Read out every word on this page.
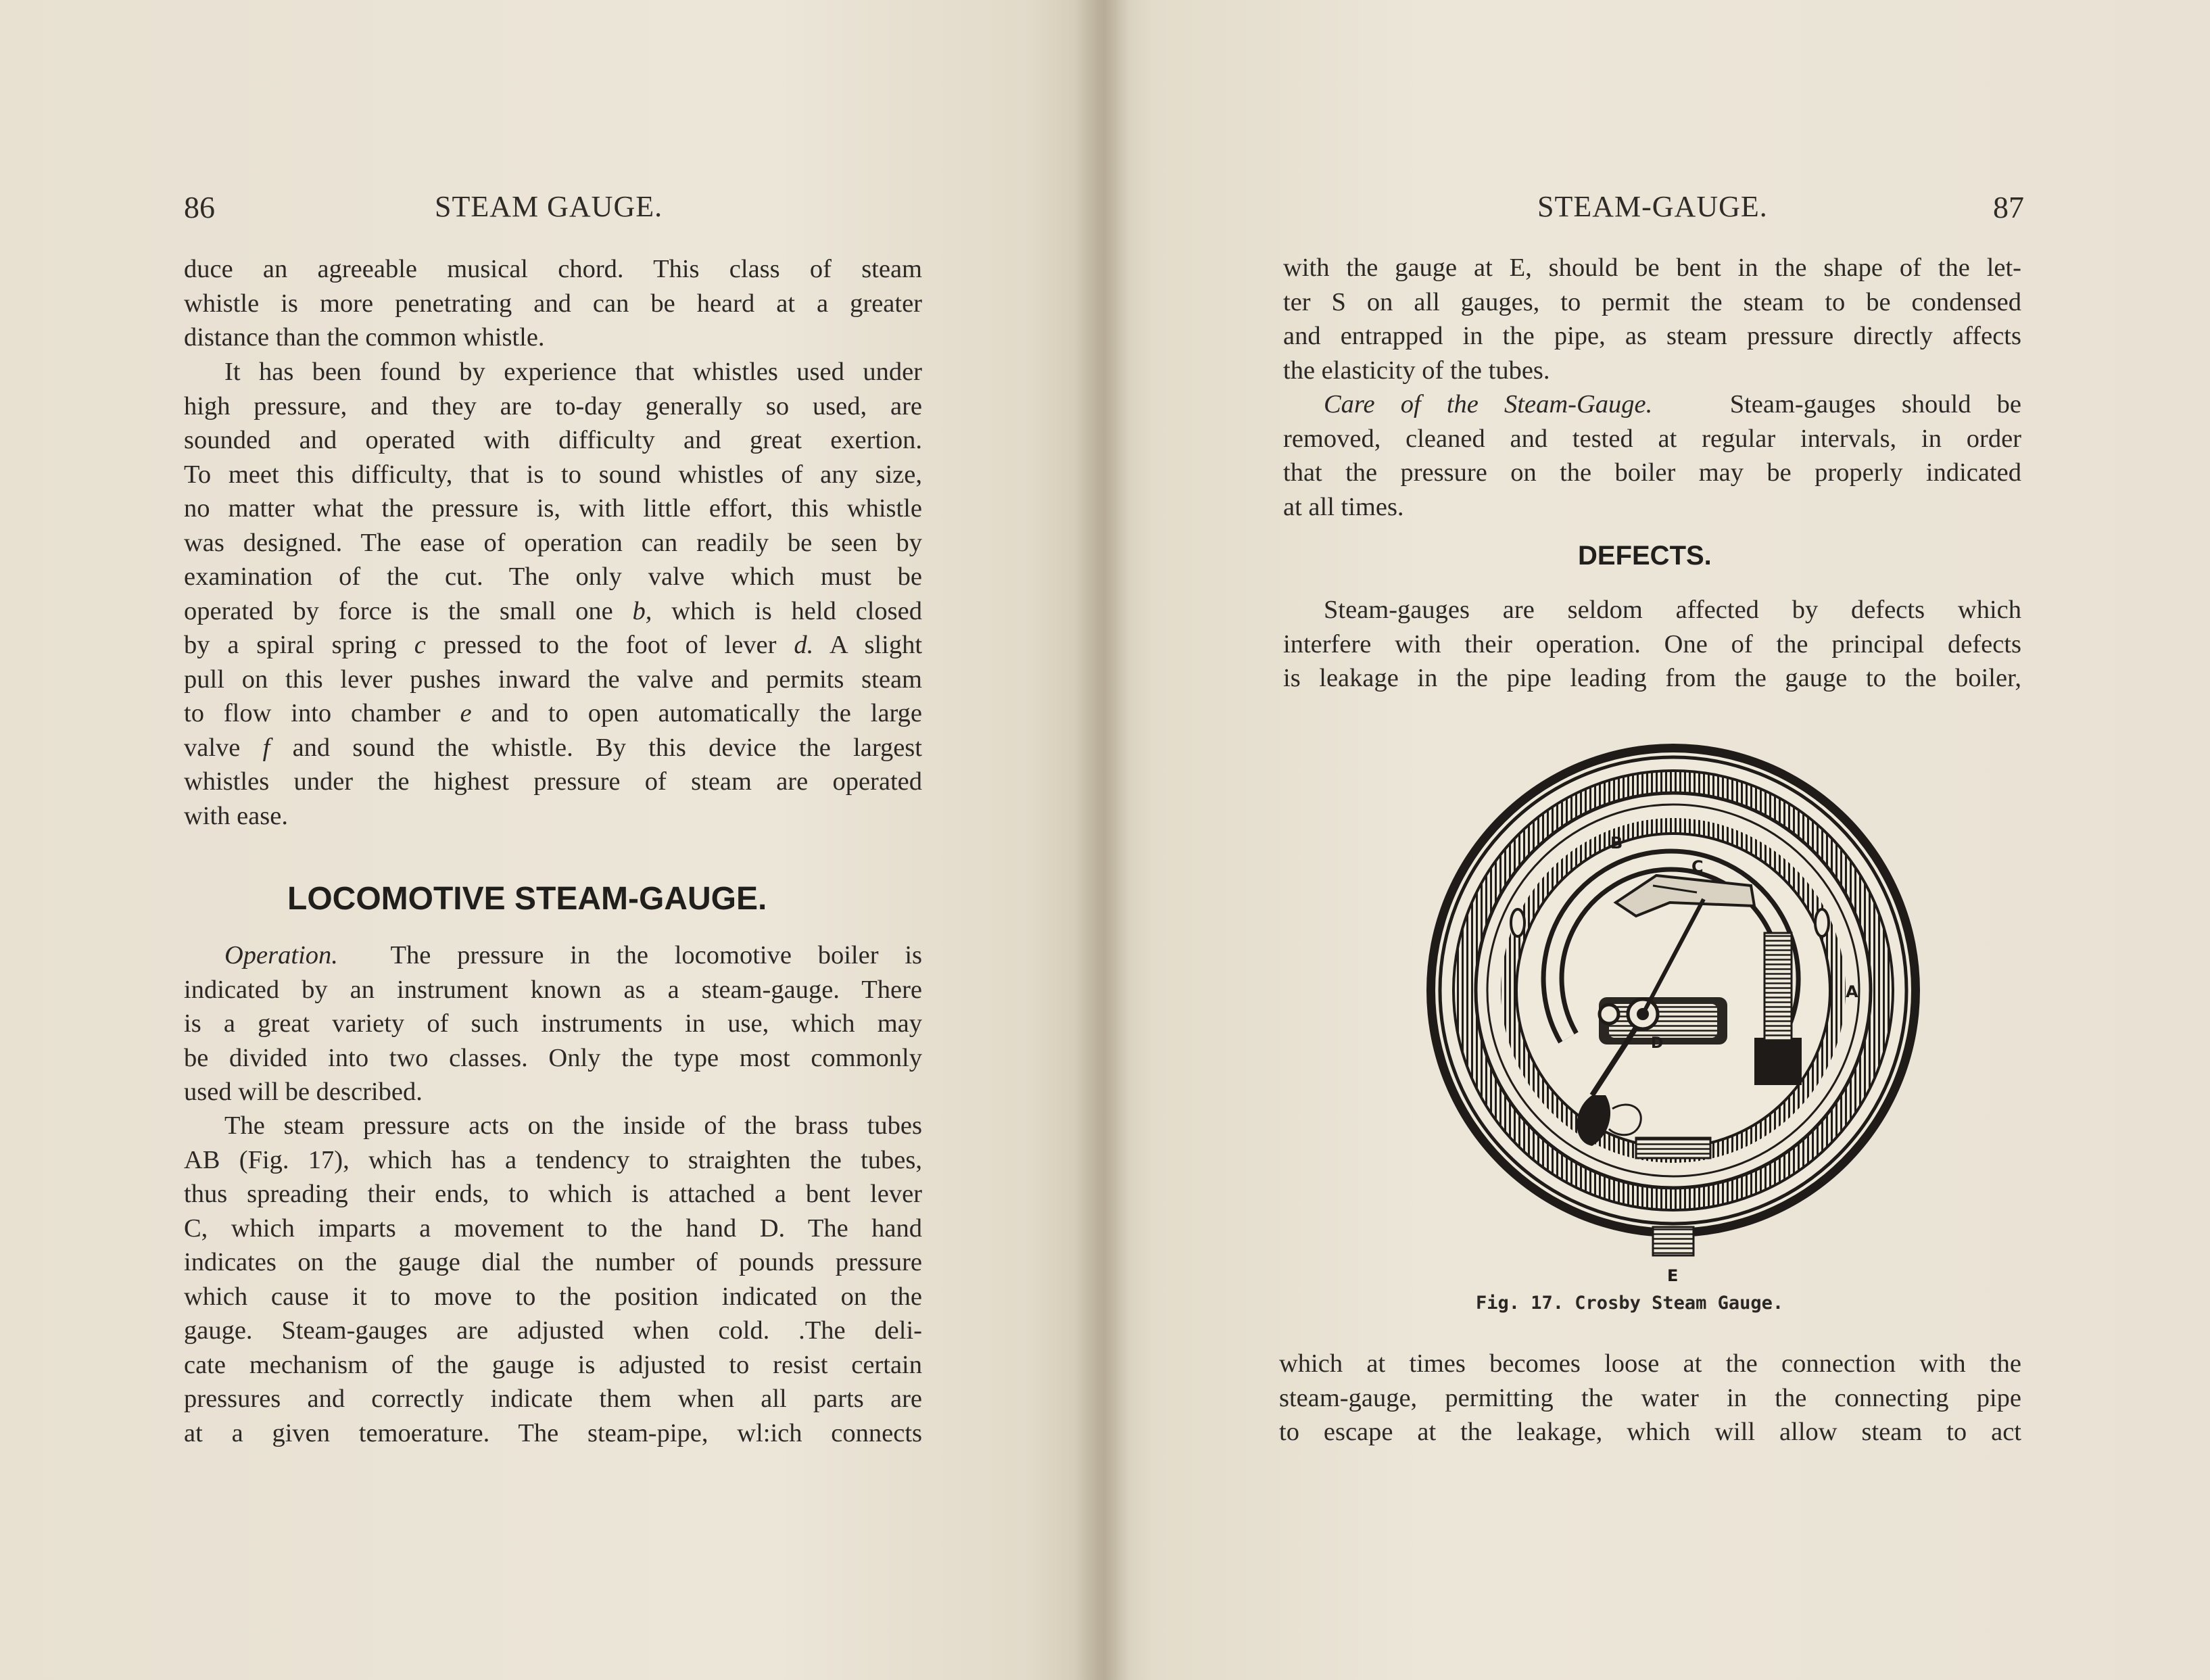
86	STEAM GAUGE.

duce an agreeable musical chord. This class of steam

whistle is more penetrating and can be heard at a greater

distance than the common whistle.

It has been found by experience that whistles used under

high pressure, and they are to-day generally so used, are

sounded and operated with difficulty and great exertion.

To meet this difficulty, that is to sound whistles of any size,

no matter what the pressure is, with little effort, this whistle

was designed. The ease of operation can readily be seen by

examination of the cut. The only valve which must be

operated by force is the small one b, which is held closed

by a spiral spring c pressed to the foot of lever d. A slight

pull on this lever pushes inward the valve and permits steam

to flow into chamber e and to open automatically the large

valve f and sound the whistle. By this device the largest

whistles under the highest pressure of steam are operated

with ease.

LOCOMOTIVE STEAM-GAUGE.

Operation. The pressure in the locomotive boiler is

indicated by an instrument known as a steam-gauge. There

is a great variety of such instruments in use, which may

be divided into two classes. Only the type most commonly

used will be described.

The steam pressure acts on the inside of the brass tubes

AB (Fig. 17), which has a tendency to straighten the tubes,

thus spreading their ends, to which is attached a bent lever

C, which imparts a movement to the hand D. The hand

indicates on the gauge dial the number of pounds pressure

which cause it to move to the position indicated on the

gauge. Steam-gauges are adjusted when cold. .The deli-

cate mechanism of the gauge is adjusted to resist certain

pressures and correctly indicate them when all parts are

at a given temoerature. The steam-pipe, wl:ich connects

STEAM-GAUGE.	87

with the gauge at E, should be bent in the shape of the let-

ter S on all gauges, to permit the steam to be condensed

and entrapped in the pipe, as steam pressure directly affects

the elasticity of the tubes.

Care of the Steam-Gauge.	Steam-gauges should be

removed, cleaned and tested at regular intervals, in order

that the pressure on the boiler may be properly indicated

at all times.

DEFECTS.

Steam-gauges are seldom affected by defects which

interfere with their operation. One of the principal defects

is leakage in the pipe leading from the gauge to the boiler,

B
C
A
D
E
Fig. 17. Crosby Steam Gauge.

which at times becomes loose at the connection with the

steam-gauge, permitting the water in the connecting pipe

to escape at the leakage, which will allow steam to act
